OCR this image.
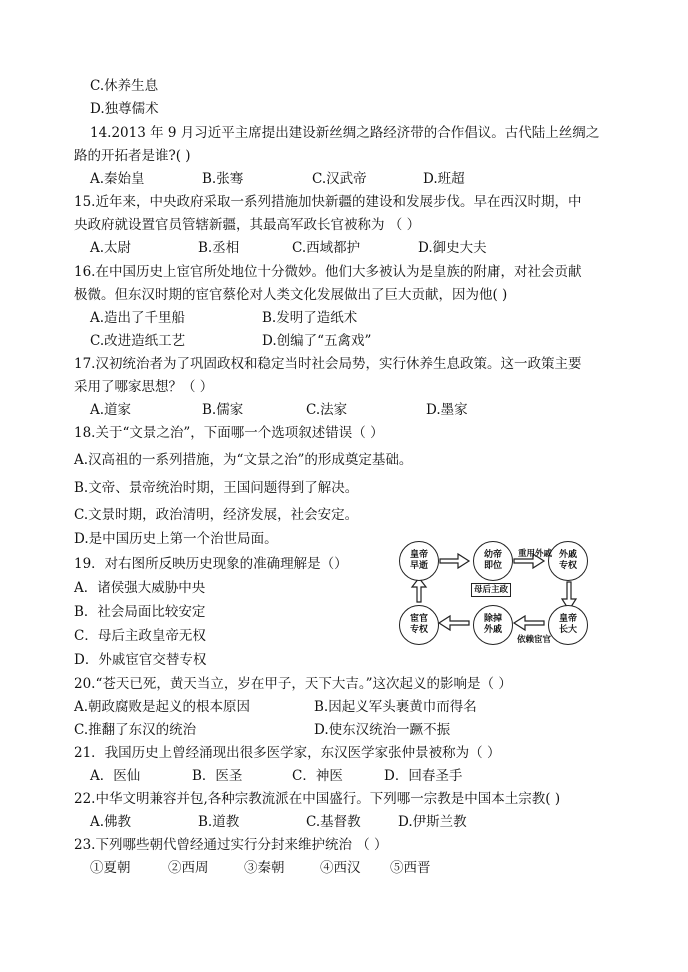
C.休养生息
D.独尊儒术
14.2013 年 9 月习近平主席提出建设新丝绸之路经济带的合作倡议。古代陆上丝绸之
路的开拓者是谁?( )
A.秦始皇	B.张骞	C.汉武帝	D.班超
15.近年来，中央政府采取一系列措施加快新疆的建设和发展步伐。早在西汉时期，中
央政府就设置官员管辖新疆，其最高军政长官被称为 （ ）
A.太尉	B.丞相	C.西域都护	D.御史大夫
16.在中国历史上宦官所处地位十分微妙。他们大多被认为是皇族的附庸，对社会贡献
极微。但东汉时期的宦官蔡伦对人类文化发展做出了巨大贡献，因为他( )
A.造出了千里船	B.发明了造纸术
C.改进造纸工艺	D.创编了“五禽戏”
17.汉初统治者为了巩固政权和稳定当时社会局势，实行休养生息政策。这一政策主要
采用了哪家思想？（ ）
A.道家	B.儒家	C.法家	D.墨家
18.关于“文景之治”，下面哪一个选项叙述错误（ ）
A.汉高祖的一系列措施，为“文景之治”的形成奠定基础。
B.文帝、景帝统治时期，王国问题得到了解决。
C.文景时期，政治清明，经济发展，社会安定。
D.是中国历史上第一个治世局面。
19．对右图所反映历史现象的准确理解是（）
A．诸侯强大威胁中央
B．社会局面比较安定
C．母后主政皇帝无权
D．外戚宦官交替专权
皇帝
早逝
幼帝
即位
外戚
专权
皇帝
长大
除掉
外戚
宦官
专权
母后主政
重用外戚
依赖宦官
20.“苍天已死，黄天当立，岁在甲子，天下大吉。”这次起义的影响是（ ）
A.朝政腐败是起义的根本原因	B.因起义军头裹黄巾而得名
C.推翻了东汉的统治	D.使东汉统治一蹶不振
21．我国历史上曾经涌现出很多医学家，东汉医学家张仲景被称为（ ）
A．医仙	B．医圣	C．神医	D．回春圣手
22.中华文明兼容并包,各种宗教流派在中国盛行。下列哪一宗教是中国本土宗教( )
A.佛教	B.道教	C.基督教	D.伊斯兰教
23.下列哪些朝代曾经通过实行分封来维护统治 （ ）
①夏朝	②西周	③秦朝	④西汉 ⑤西晋
